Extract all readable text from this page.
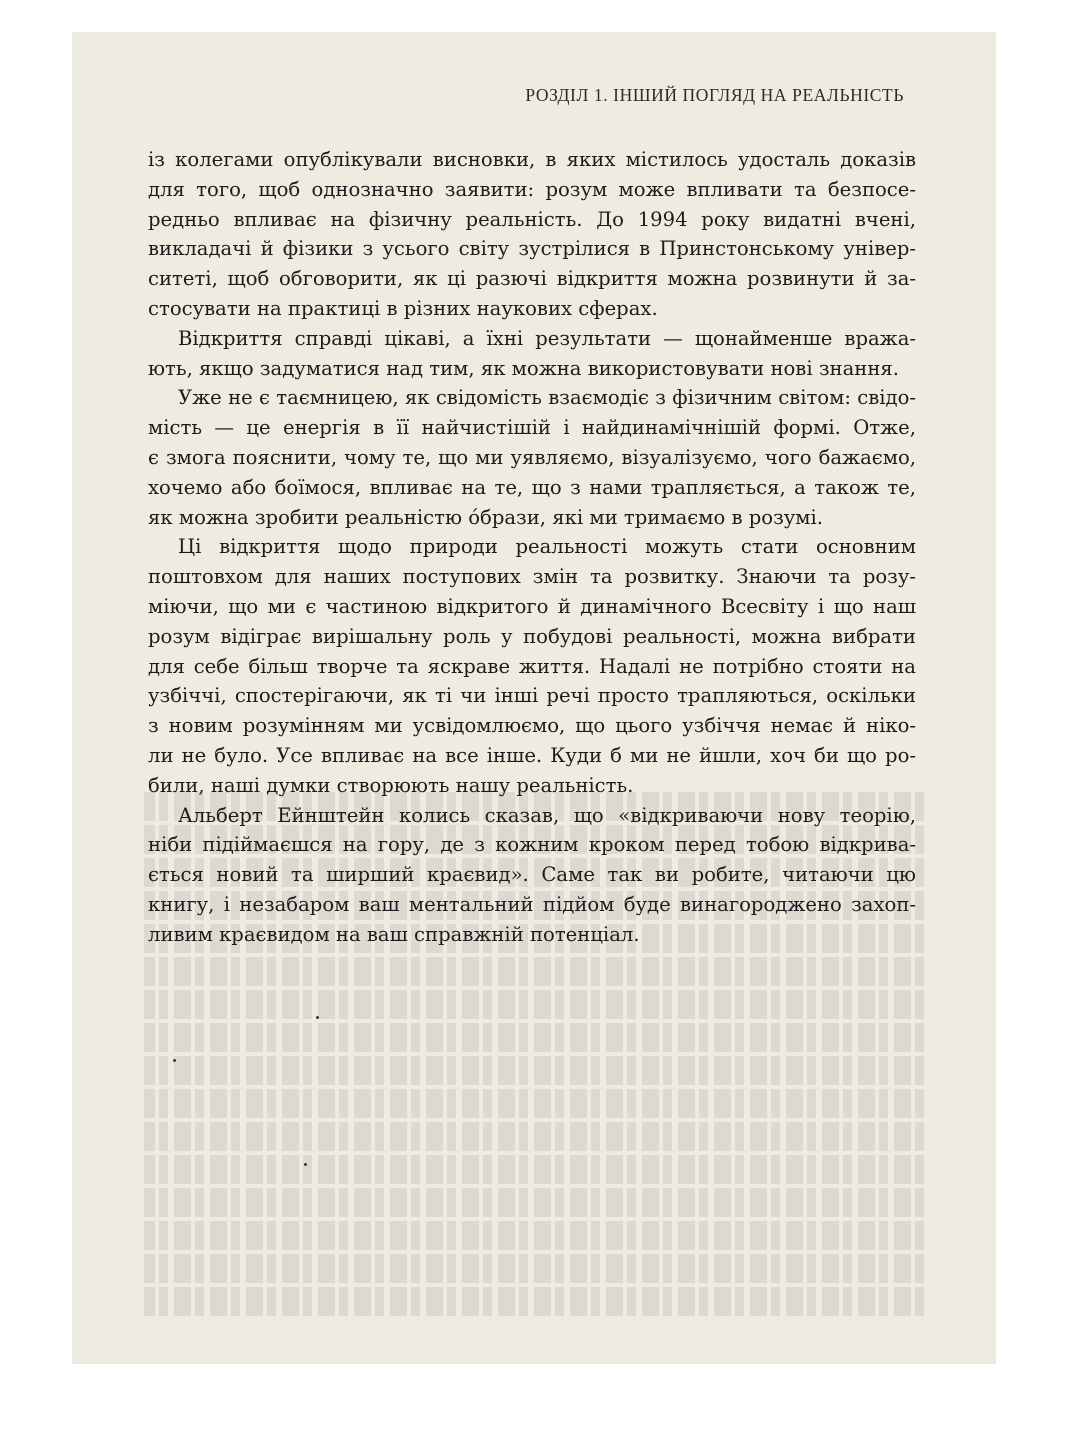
РОЗДІЛ 1. ІНШИЙ ПОГЛЯД НА РЕАЛЬНІСТЬ
із колегами опублікували висновки, в яких містилось удосталь доказів
для того, щоб однозначно заявити: розум може впливати та безпосе-
редньо впливає на фізичну реальність. До 1994 року видатні вчені,
викладачі й фізики з усього світу зустрілися в Принстонському універ-
ситеті, щоб обговорити, як ці разючі відкриття можна розвинути й за-
стосувати на практиці в різних наукових сферах.
Відкриття справді цікаві, а їхні результати — щонайменше вража-
ють, якщо задуматися над тим, як можна використовувати нові знання.
Уже не є таємницею, як свідомість взаємодіє з фізичним світом: свідо-
мість — це енергія в її найчистішій і найдинамічнішій формі. Отже,
є змога пояснити, чому те, що ми уявляємо, візуалізуємо, чого бажаємо,
хочемо або боїмося, впливає на те, що з нами трапляється, а також те,
як можна зробити реальністю óбрази, які ми тримаємо в розумі.
Ці відкриття щодо природи реальності можуть стати основним
поштовхом для наших поступових змін та розвитку. Знаючи та розу-
міючи, що ми є частиною відкритого й динамічного Всесвіту і що наш
розум відіграє вирішальну роль у побудові реальності, можна вибрати
для себе більш творче та яскраве життя. Надалі не потрібно стояти на
узбіччі, спостерігаючи, як ті чи інші речі просто трапляються, оскільки
з новим розумінням ми усвідомлюємо, що цього узбіччя немає й ніко-
ли не було. Усе впливає на все інше. Куди б ми не йшли, хоч би що ро-
били, наші думки створюють нашу реальність.
Альберт Ейнштейн колись сказав, що «відкриваючи нову теорію,
ніби підіймаєшся на гору, де з кожним кроком перед тобою відкрива-
ється новий та ширший краєвид». Саме так ви робите, читаючи цю
книгу, і незабаром ваш ментальний підйом буде винагороджено захоп-
ливим краєвидом на ваш справжній потенціал.
